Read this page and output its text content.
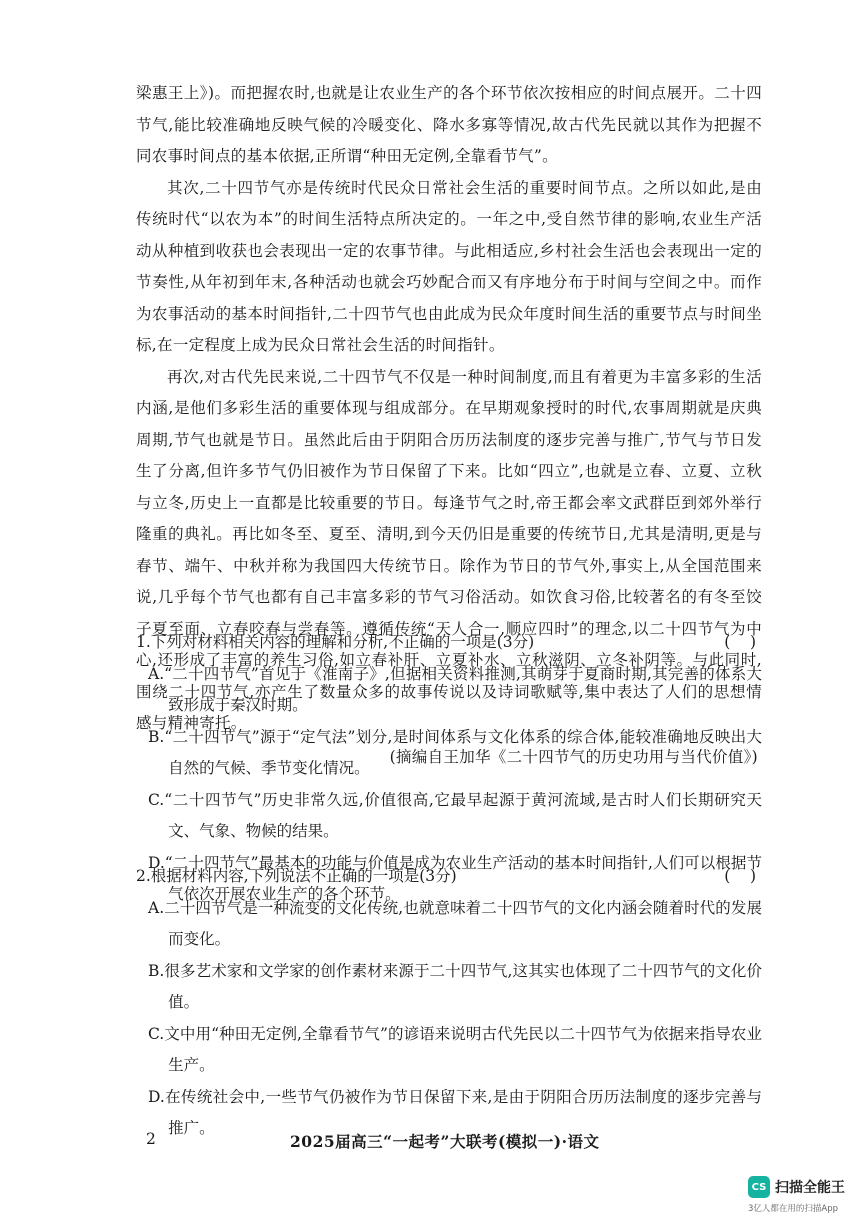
梁惠王上》)。而把握农时,也就是让农业生产的各个环节依次按相应的时间点展开。二十四节气,能比较准确地反映气候的冷暖变化、降水多寡等情况,故古代先民就以其作为把握不同农事时间点的基本依据,正所谓“种田无定例,全靠看节气”。

其次,二十四节气亦是传统时代民众日常社会生活的重要时间节点。之所以如此,是由传统时代“以农为本”的时间生活特点所决定的。一年之中,受自然节律的影响,农业生产活动从种植到收获也会表现出一定的农事节律。与此相适应,乡村社会生活也会表现出一定的节奏性,从年初到年末,各种活动也就会巧妙配合而又有序地分布于时间与空间之中。而作为农事活动的基本时间指针,二十四节气也由此成为民众年度时间生活的重要节点与时间坐标,在一定程度上成为民众日常社会生活的时间指针。

再次,对古代先民来说,二十四节气不仅是一种时间制度,而且有着更为丰富多彩的生活内涵,是他们多彩生活的重要体现与组成部分。在早期观象授时的时代,农事周期就是庆典周期,节气也就是节日。虽然此后由于阴阳合历历法制度的逐步完善与推广,节气与节日发生了分离,但许多节气仍旧被作为节日保留了下来。比如“四立”,也就是立春、立夏、立秋与立冬,历史上一直都是比较重要的节日。每逢节气之时,帝王都会率文武群臣到郊外举行隆重的典礼。再比如冬至、夏至、清明,到今天仍旧是重要的传统节日,尤其是清明,更是与春节、端午、中秋并称为我国四大传统节日。除作为节日的节气外,事实上,从全国范围来说,几乎每个节气也都有自己丰富多彩的节气习俗活动。如饮食习俗,比较著名的有冬至饺子夏至面、立春咬春与尝春等。遵循传统“天人合一,顺应四时”的理念,以二十四节气为中心,还形成了丰富的养生习俗,如立春补肝、立夏补水、立秋滋阴、立冬补阴等。与此同时,围绕二十四节气,亦产生了数量众多的故事传说以及诗词歌赋等,集中表达了人们的思想情感与精神寄托。

(摘编自王加华《二十四节气的历史功用与当代价值》)

1.下列对材料相关内容的理解和分析,不正确的一项是(3分)	(    )

A.“二十四节气”首见于《淮南子》,但据相关资料推测,其萌芽于夏商时期,其完善的体系大致形成于秦汉时期。

B.“二十四节气”源于“定气法”划分,是时间体系与文化体系的综合体,能较准确地反映出大自然的气候、季节变化情况。

C.“二十四节气”历史非常久远,价值很高,它最早起源于黄河流域,是古时人们长期研究天文、气象、物候的结果。

D.“二十四节气”最基本的功能与价值是成为农业生产活动的基本时间指针,人们可以根据节气依次开展农业生产的各个环节。

2.根据材料内容,下列说法不正确的一项是(3分)	(    )

A.二十四节气是一种流变的文化传统,也就意味着二十四节气的文化内涵会随着时代的发展而变化。

B.很多艺术家和文学家的创作素材来源于二十四节气,这其实也体现了二十四节气的文化价值。

C.文中用“种田无定例,全靠看节气”的谚语来说明古代先民以二十四节气为依据来指导农业生产。

D.在传统社会中,一些节气仍被作为节日保留下来,是由于阴阳合历历法制度的逐步完善与推广。

2	2025届高三“一起考”大联考(模拟一)·语文
CS 扫描全能王
3亿人都在用的扫描App
